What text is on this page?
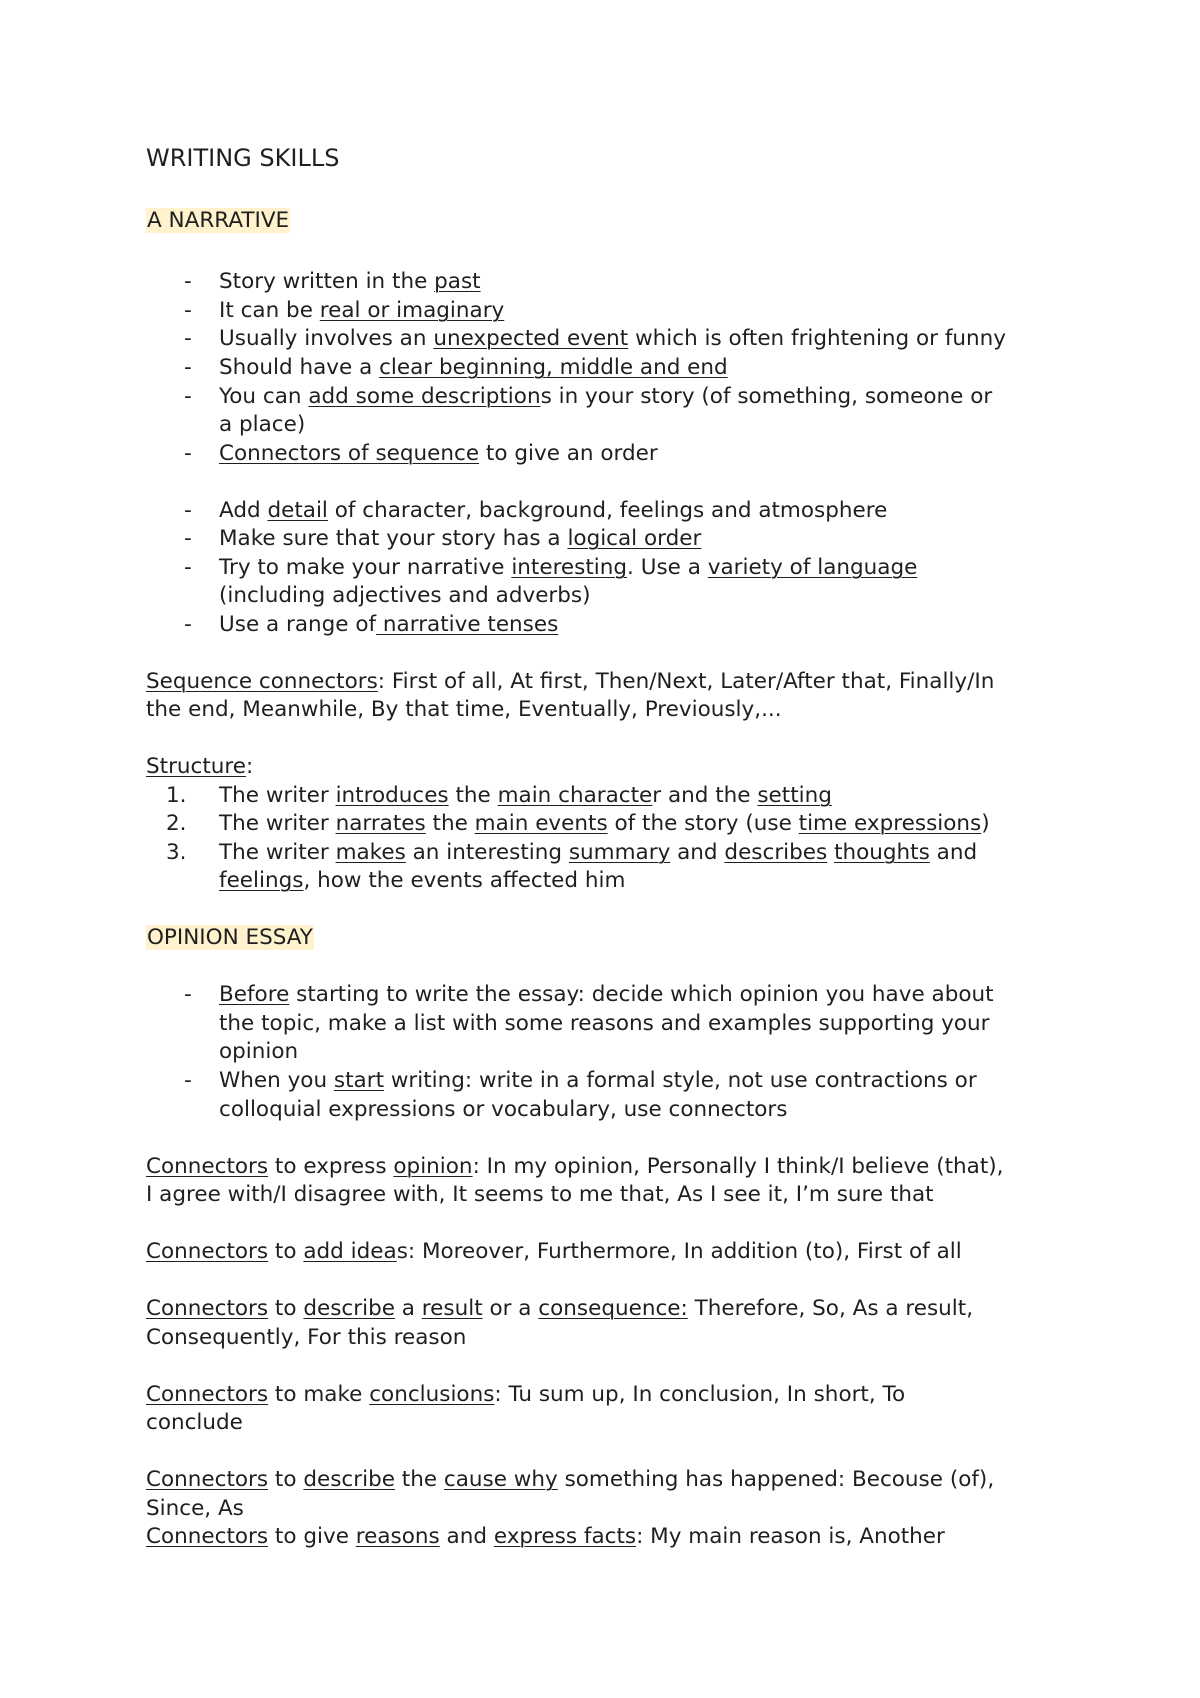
WRITING SKILLS
A NARRATIVE
- Story written in the past
- It can be real or imaginary
- Usually involves an unexpected event which is often frightening or funny
- Should have a clear beginning, middle and end
- You can add some descriptions in your story (of something, someone or
a place)
- Connectors of sequence to give an order
- Add detail of character, background, feelings and atmosphere
- Make sure that your story has a logical order
- Try to make your narrative interesting. Use a variety of language
(including adjectives and adverbs)
- Use a range of narrative tenses
Sequence connectors: First of all, At first, Then/Next, Later/After that, Finally/In
the end, Meanwhile, By that time, Eventually, Previously,...
Structure:
1. The writer introduces the main character and the setting
2. The writer narrates the main events of the story (use time expressions)
3. The writer makes an interesting summary and describes thoughts and
feelings, how the events affected him
OPINION ESSAY
- Before starting to write the essay: decide which opinion you have about
the topic, make a list with some reasons and examples supporting your
opinion
- When you start writing: write in a formal style, not use contractions or
colloquial expressions or vocabulary, use connectors
Connectors to express opinion: In my opinion, Personally I think/I believe (that),
I agree with/I disagree with, It seems to me that, As I see it, I’m sure that
Connectors to add ideas: Moreover, Furthermore, In addition (to), First of all
Connectors to describe a result or a consequence: Therefore, So, As a result,
Consequently, For this reason
Connectors to make conclusions: Tu sum up, In conclusion, In short, To
conclude
Connectors to describe the cause why something has happened: Becouse (of),
Since, As
Connectors to give reasons and express facts: My main reason is, Another
